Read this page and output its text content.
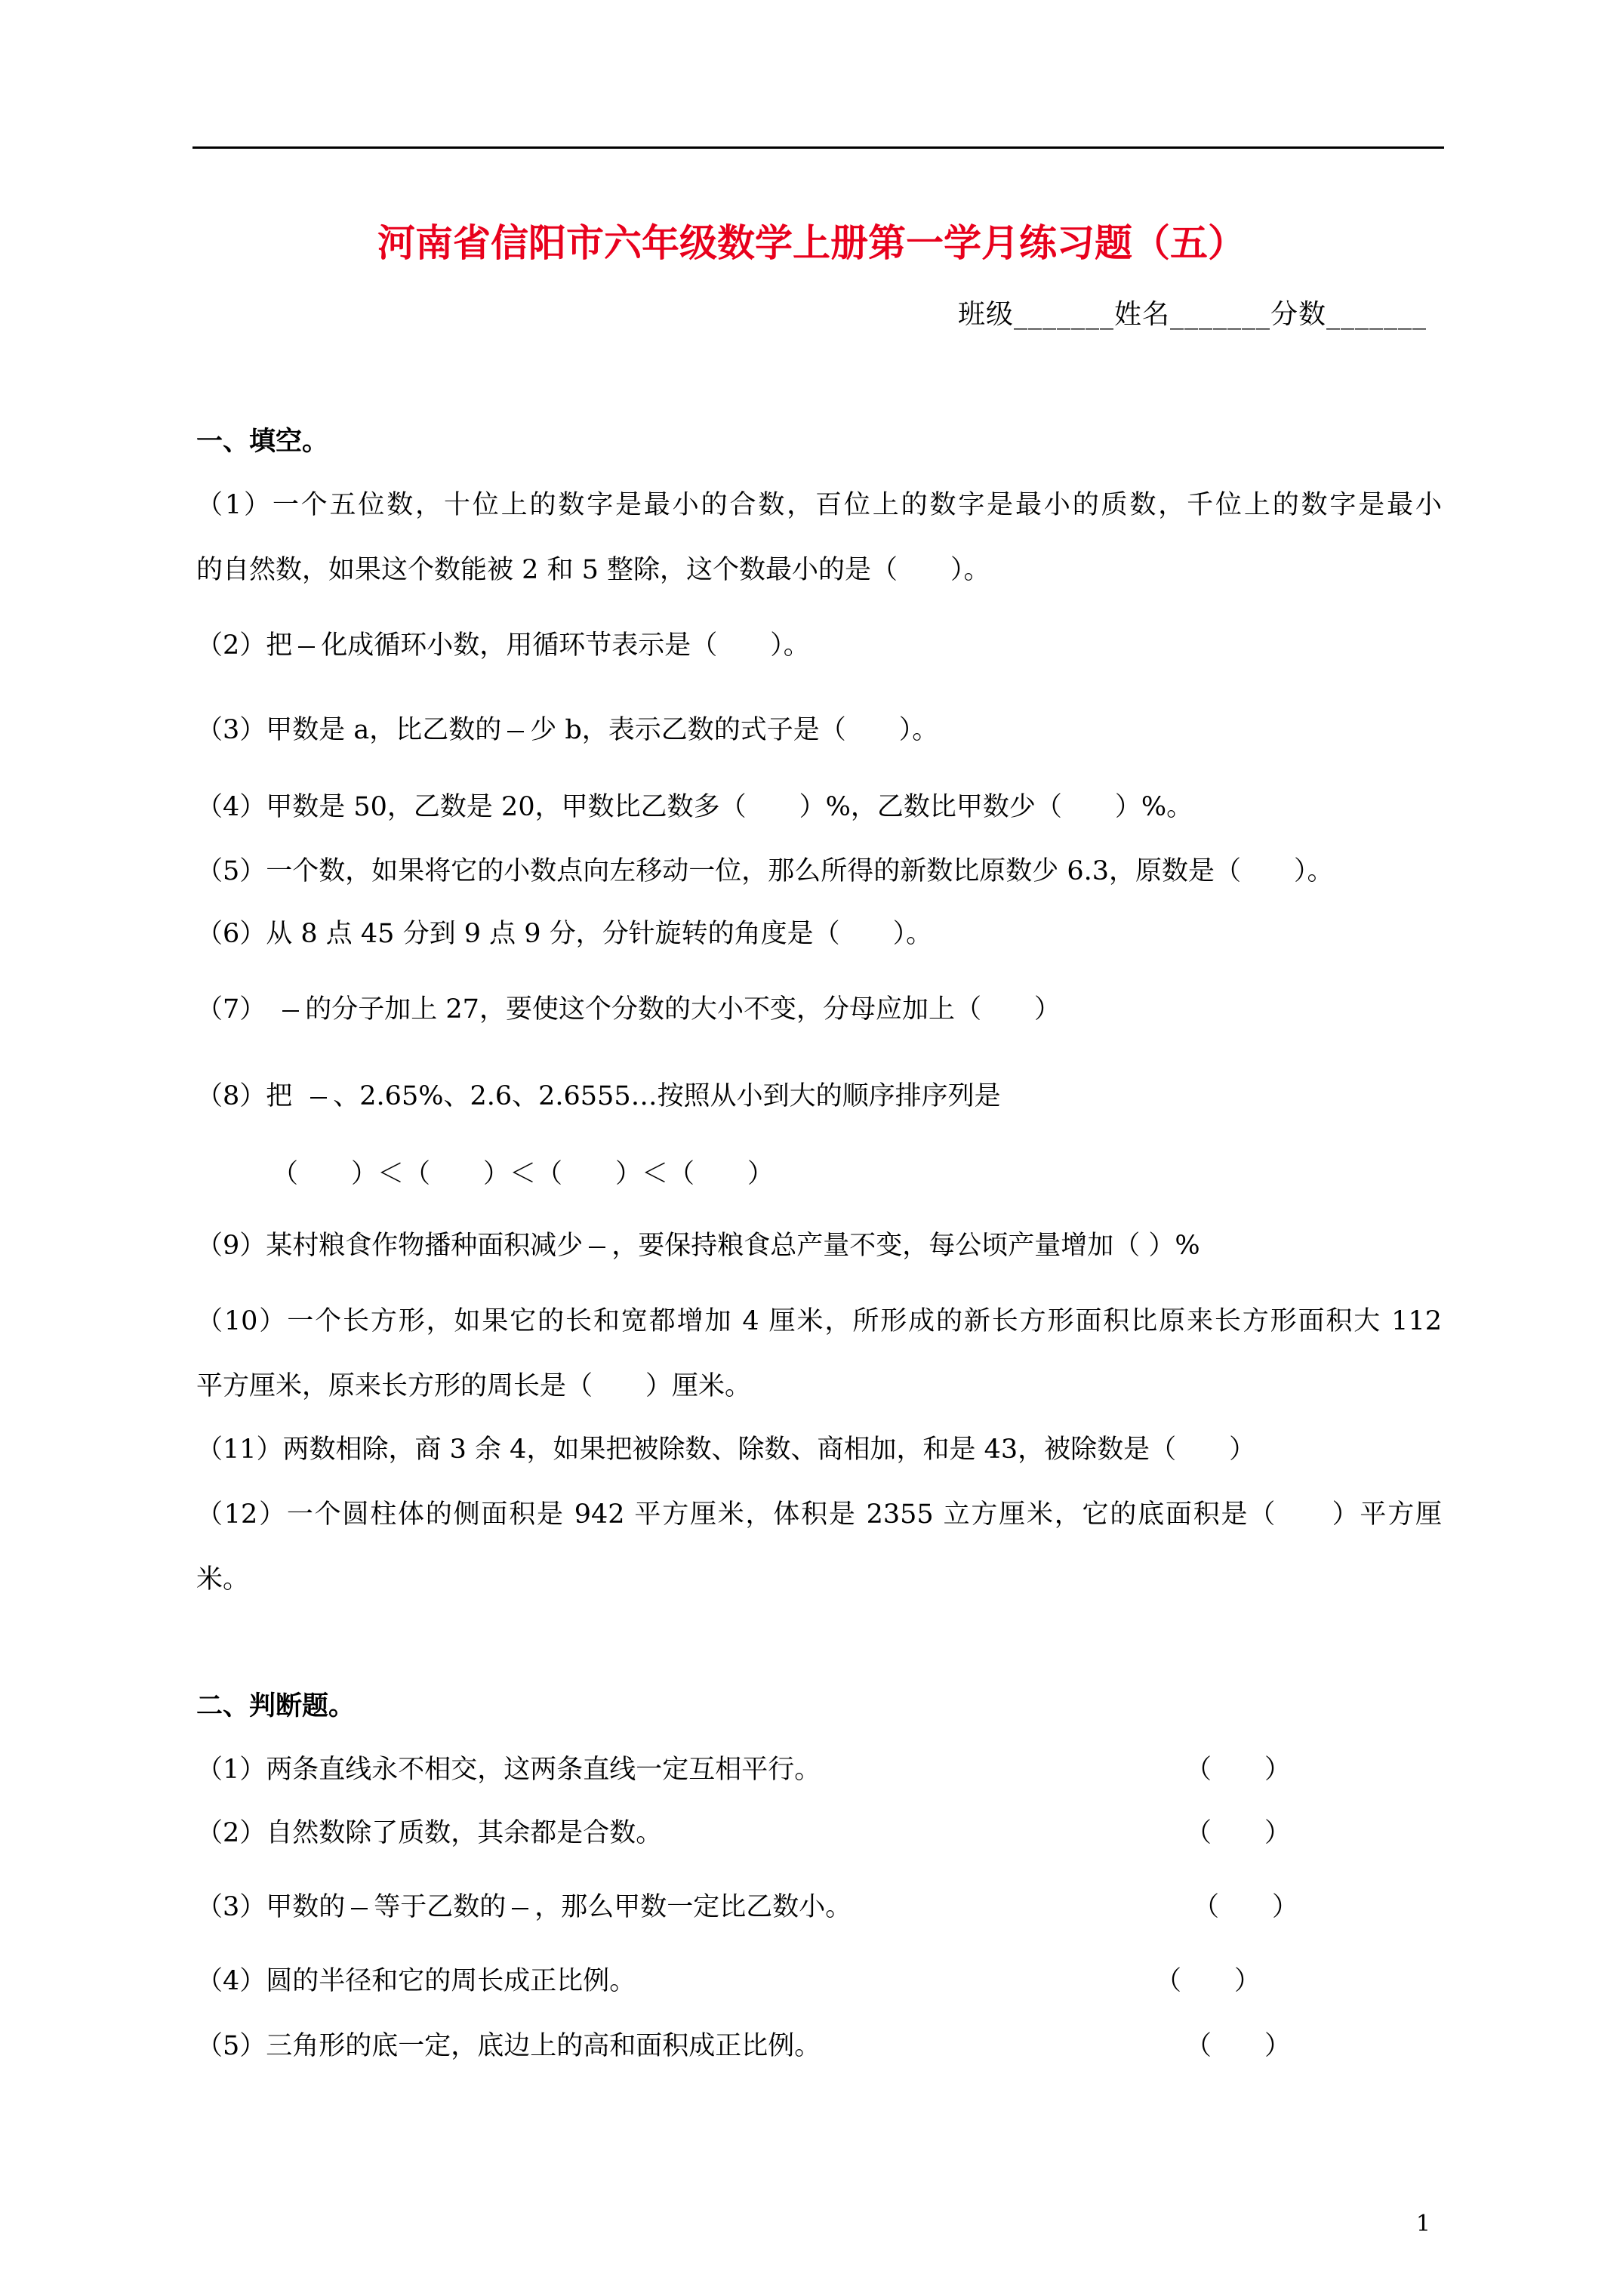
河南省信阳市六年级数学上册第一学月练习题（五）
班级_______姓名_______分数_______
一、填空。
（1）一个五位数，十位上的数字是最小的合数，百位上的数字是最小的质数，千位上的数字是最小
的自然数，如果这个数能被 2 和 5 整除，这个数最小的是（　　）。
（2）把 化成循环小数，用循环节表示是（　　）。
（3）甲数是 a，比乙数的 少 b，表示乙数的式子是（　　）。
（4）甲数是 50，乙数是 20，甲数比乙数多（　　）%，乙数比甲数少（　　）%。
（5）一个数，如果将它的小数点向左移动一位，那么所得的新数比原数少 6.3，原数是（　　）。
（6）从 8 点 45 分到 9 点 9 分，分针旋转的角度是（　　）。
（7） 的分子加上 27，要使这个分数的大小不变，分母应加上（　　）
（8）把 、2.65%、2.6、2.6555…按照从小到大的顺序排序列是
（　　）＜（　　）＜（　　）＜（　　）
（9）某村粮食作物播种面积减少 ，要保持粮食总产量不变，每公顷产量增加（ ）%
（10）一个长方形，如果它的长和宽都增加 4 厘米，所形成的新长方形面积比原来长方形面积大 112
平方厘米，原来长方形的周长是（　　）厘米。
（11）两数相除，商 3 余 4，如果把被除数、除数、商相加，和是 43，被除数是（　　）
（12）一个圆柱体的侧面积是 942 平方厘米，体积是 2355 立方厘米，它的底面积是（　　）平方厘
米。
二、判断题。
（1）两条直线永不相交，这两条直线一定互相平行。	（　　）
（2）自然数除了质数，其余都是合数。	（　　）
（3）甲数的 等于乙数的 ，那么甲数一定比乙数小。	（　　）
（4）圆的半径和它的周长成正比例。	（　　）
（5）三角形的底一定，底边上的高和面积成正比例。	（　　）
1
